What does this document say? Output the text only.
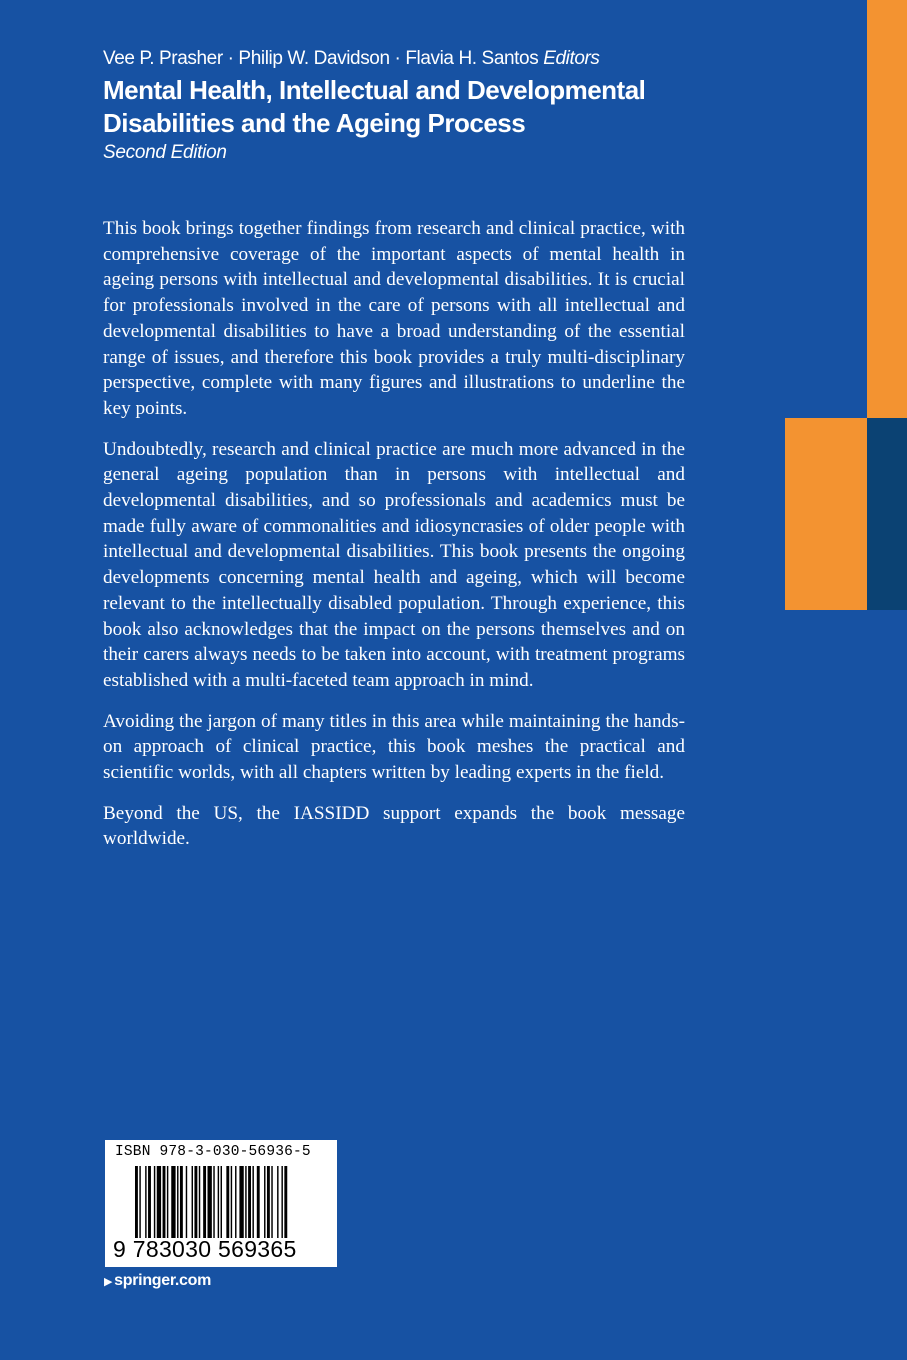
Vee P. Prasher · Philip W. Davidson · Flavia H. Santos Editors
Mental Health, Intellectual and Developmental
Disabilities and the Ageing Process
Second Edition

This book brings together findings from research and clinical practice, with comprehensive coverage of the important aspects of mental health in ageing persons with intellectual and developmental disabilities. It is crucial for professionals involved in the care of persons with all intellectual and developmental disabilities to have a broad understanding of the essential range of issues, and therefore this book provides a truly multi-disciplinary perspective, complete with many figures and illustrations to underline the key points.

Undoubtedly, research and clinical practice are much more advanced in the general ageing population than in persons with intellectual and developmental disabilities, and so professionals and academics must be made fully aware of commonalities and idiosyncrasies of older people with intellectual and developmental disabilities. This book presents the ongoing developments concerning mental health and ageing, which will become relevant to the intellectually disabled population. Through experience, this book also acknowledges that the impact on the persons themselves and on their carers always needs to be taken into account, with treatment programs established with a multi-faceted team approach in mind.

Avoiding the jargon of many titles in this area while maintaining the hands-on approach of clinical practice, this book meshes the practical and scientific worlds, with all chapters written by leading experts in the field.

Beyond the US, the IASSIDD support expands the book message worldwide.

ISBN 978-3-030-56936-5
9 783030 569365
▶ springer.com
